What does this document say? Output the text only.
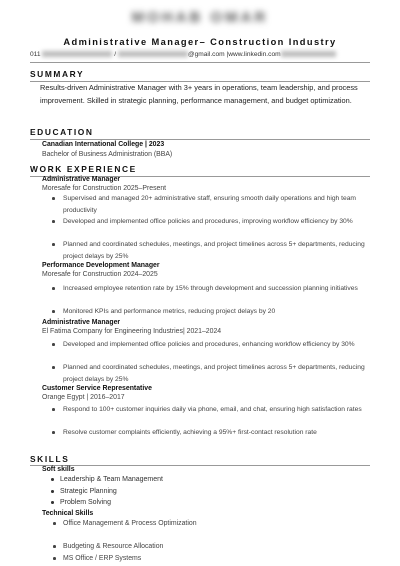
MOHAB OMAR
Administrative Manager– Construction Industry
011	/	@gmail.com |www.linkedin.com
SUMMARY
Results-driven Administrative Manager with 3+ years in operations, team leadership, and process improvement. Skilled in strategic planning, performance management, and budget optimization.
EDUCATION
Canadian International College | 2023
Bachelor of Business Administration (BBA)
WORK EXPERIENCE
Administrative Manager
Moresafe for Construction 2025–Present
Supervised and managed 20+ administrative staff, ensuring smooth daily operations and high team productivity
Developed and implemented office policies and procedures, improving workflow efficiency by 30%
Planned and coordinated schedules, meetings, and project timelines across 5+ departments, reducing project delays by 25%
Performance Development Manager
Moresafe for Construction 2024–2025
Increased employee retention rate by 15% through development and succession planning initiatives
Monitored KPIs and performance metrics, reducing project delays by 20
Administrative Manager
El Fatima Company for Engineering Industries| 2021–2024
Developed and implemented office policies and procedures, enhancing workflow efficiency by 30%
Planned and coordinated schedules, meetings, and project timelines across 5+ departments, reducing project delays by 25%
Customer Service Representative
Orange Egypt | 2016–2017
Respond to 100+ customer inquiries daily via phone, email, and chat, ensuring high satisfaction rates
Resolve customer complaints efficiently, achieving a 95%+ first-contact resolution rate
SKILLS
Soft skills
Leadership & Team Management
Strategic Planning
Problem Solving
Technical Skills
Office Management & Process Optimization
Budgeting & Resource Allocation
MS Office / ERP Systems
